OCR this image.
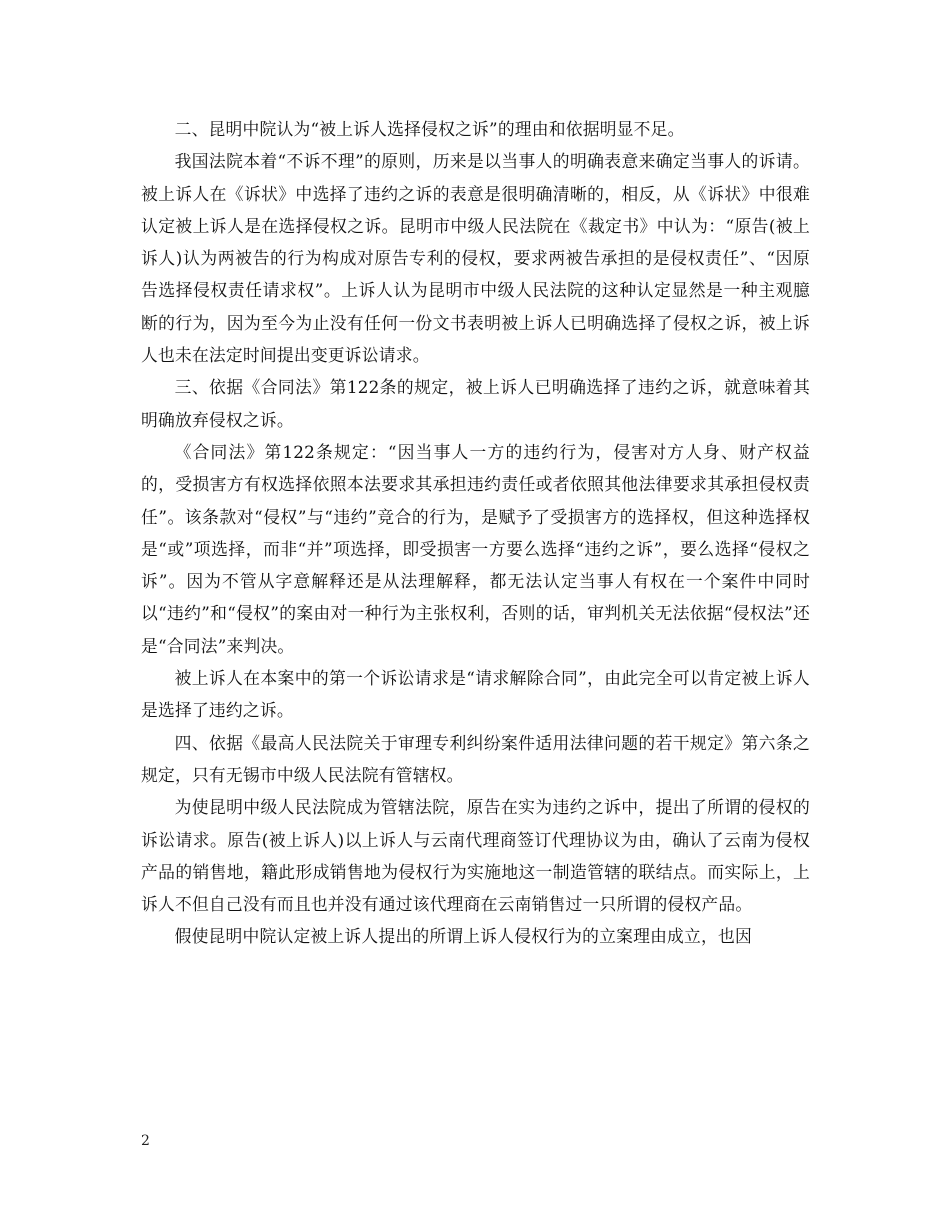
二、昆明中院认为“被上诉人选择侵权之诉”的理由和依据明显不足。

我国法院本着“不诉不理”的原则，历来是以当事人的明确表意来确定当事人的诉请。被上诉人在《诉状》中选择了违约之诉的表意是很明确清晰的，相反，从《诉状》中很难认定被上诉人是在选择侵权之诉。昆明市中级人民法院在《裁定书》中认为：“原告(被上诉人)认为两被告的行为构成对原告专利的侵权，要求两被告承担的是侵权责任”、“因原告选择侵权责任请求权”。上诉人认为昆明市中级人民法院的这种认定显然是一种主观臆断的行为，因为至今为止没有任何一份文书表明被上诉人已明确选择了侵权之诉，被上诉人也未在法定时间提出变更诉讼请求。

三、依据《合同法》第122条的规定，被上诉人已明确选择了违约之诉，就意味着其明确放弃侵权之诉。

《合同法》第122条规定：“因当事人一方的违约行为，侵害对方人身、财产权益的，受损害方有权选择依照本法要求其承担违约责任或者依照其他法律要求其承担侵权责任”。该条款对“侵权”与“违约”竞合的行为，是赋予了受损害方的选择权，但这种选择权是“或”项选择，而非“并”项选择，即受损害一方要么选择“违约之诉”，要么选择“侵权之诉”。因为不管从字意解释还是从法理解释，都无法认定当事人有权在一个案件中同时以“违约”和“侵权”的案由对一种行为主张权利，否则的话，审判机关无法依据“侵权法”还是“合同法”来判决。

被上诉人在本案中的第一个诉讼请求是“请求解除合同”，由此完全可以肯定被上诉人是选择了违约之诉。

四、依据《最高人民法院关于审理专利纠纷案件适用法律问题的若干规定》第六条之规定，只有无锡市中级人民法院有管辖权。

为使昆明中级人民法院成为管辖法院，原告在实为违约之诉中，提出了所谓的侵权的诉讼请求。原告(被上诉人)以上诉人与云南代理商签订代理协议为由，确认了云南为侵权产品的销售地，籍此形成销售地为侵权行为实施地这一制造管辖的联结点。而实际上，上诉人不但自己没有而且也并没有通过该代理商在云南销售过一只所谓的侵权产品。

假使昆明中院认定被上诉人提出的所谓上诉人侵权行为的立案理由成立，也因

2
